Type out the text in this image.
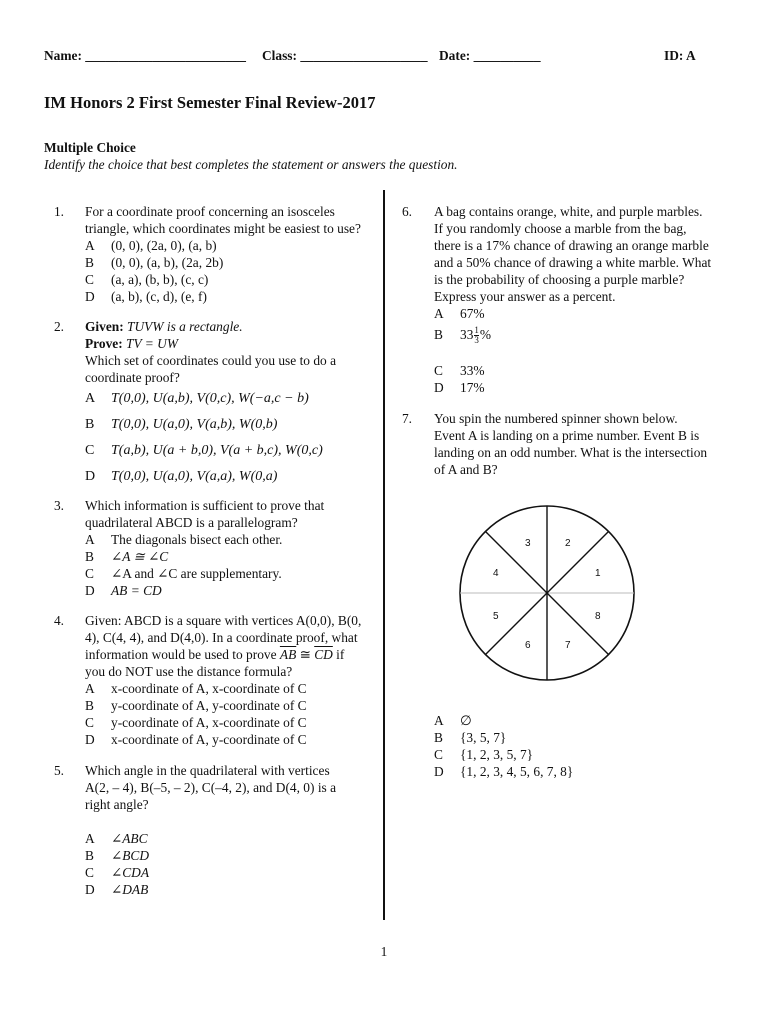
Name: ________________________ Class: ___________________ Date: __________	ID: A
IM Honors 2 First Semester Final Review-2017
Multiple Choice
Identify the choice that best completes the statement or answers the question.
1. For a coordinate proof concerning an isosceles
triangle, which coordinates might be easiest to use?
A (0, 0), (2a, 0), (a, b)
B (0, 0), (a, b), (2a, 2b)
C (a, a), (b, b), (c, c)
D (a, b), (c, d), (e, f)
2. Given: TUVW is a rectangle.
Prove: TV = UW
Which set of coordinates could you use to do a
coordinate proof?
A T(0,0), U(a,b), V(0,c), W(−a,c − b)
B T(0,0), U(a,0), V(a,b), W(0,b)
C T(a,b), U(a + b,0), V(a + b,c), W(0,c)
D T(0,0), U(a,0), V(a,a), W(0,a)
3. Which information is sufficient to prove that
quadrilateral ABCD is a parallelogram?
A The diagonals bisect each other.
B ∠A ≅ ∠C
C ∠A and ∠C are supplementary.
D AB = CD
4. Given: ABCD is a square with vertices A(0,0), B(0,
4), C(4, 4), and D(4,0). In a coordinate proof, what
information would be used to prove $\overline{AB}$ ≅ $\overline{CD}$ if
you do NOT use the distance formula?
A x-coordinate of A, x-coordinate of C
B y-coordinate of A, y-coordinate of C
C y-coordinate of A, x-coordinate of C
D x-coordinate of A, y-coordinate of C
5. Which angle in the quadrilateral with vertices
A(2, – 4), B(–5, – 2), C(–4, 2), and D(4, 0) is a
right angle?
A ∠ABC
B ∠BCD
C ∠CDA
D ∠DAB
6. A bag contains orange, white, and purple marbles.
If you randomly choose a marble from the bag,
there is a 17% chance of drawing an orange marble
and a 50% chance of drawing a white marble. What
is the probability of choosing a purple marble?
Express your answer as a percent.
A 67%
B $33 \frac{1}{3}$ %
C 33%
D 17%
7. You spin the numbered spinner shown below.
Event A is landing on a prime number. Event B is
landing on an odd number. What is the intersection
of A and B?
3	2
4	1
5	8
6	7
A ∅
B {3, 5, 7}
C {1, 2, 3, 5, 7}
D {1, 2, 3, 4, 5, 6, 7, 8}
1
